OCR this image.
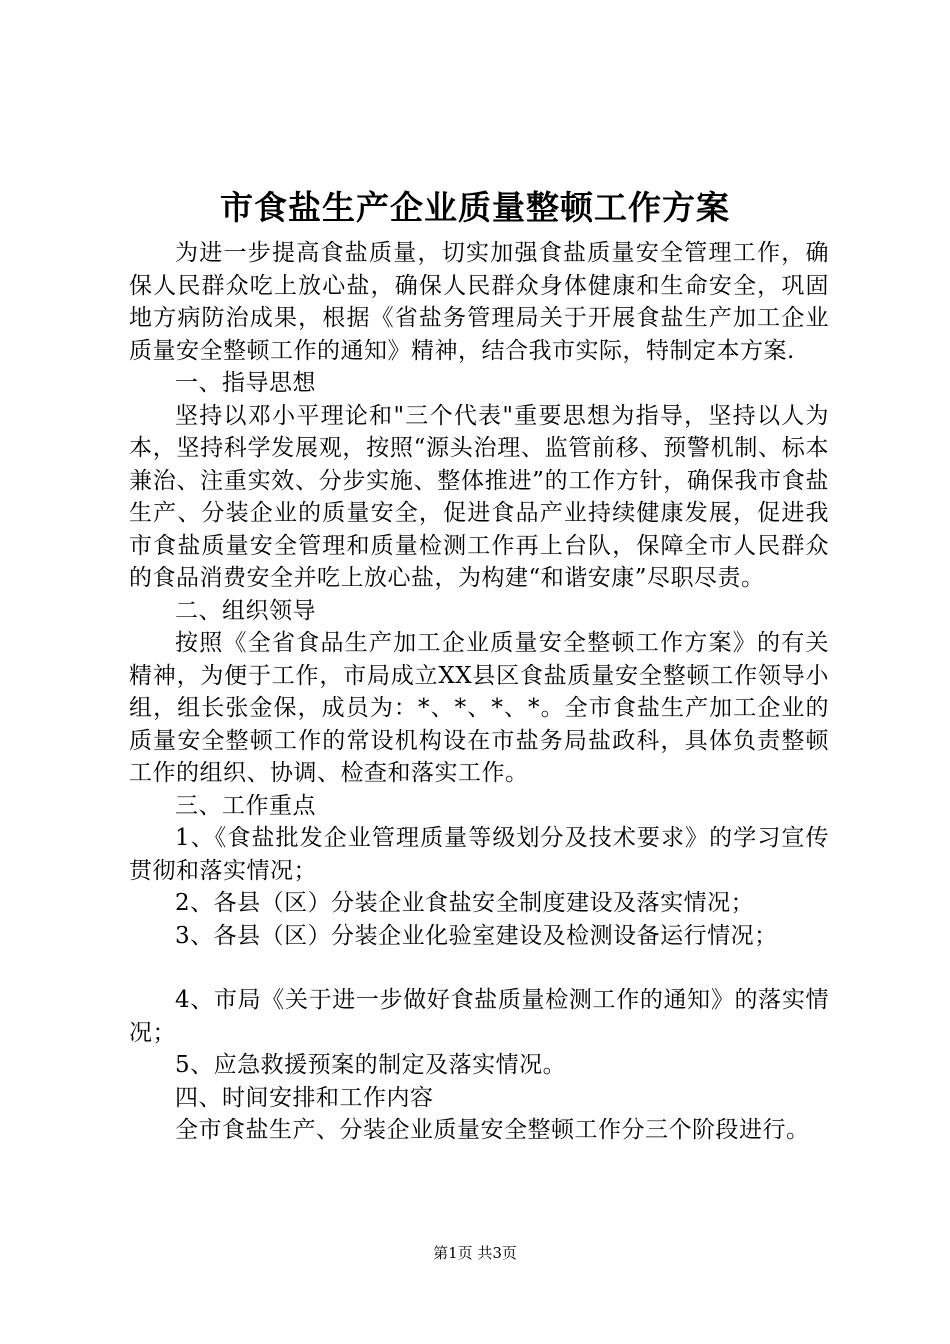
市食盐生产企业质量整顿工作方案

为进一步提高食盐质量，切实加强食盐质量安全管理工作，确保人民群众吃上放心盐，确保人民群众身体健康和生命安全，巩固地方病防治成果，根据《省盐务管理局关于开展食盐生产加工企业质量安全整顿工作的通知》精神，结合我市实际，特制定本方案.

一、指导思想

坚持以邓小平理论和"三个代表"重要思想为指导，坚持以人为本，坚持科学发展观，按照“源头治理、监管前移、预警机制、标本兼治、注重实效、分步实施、整体推进”的工作方针，确保我市食盐生产、分装企业的质量安全，促进食品产业持续健康发展，促进我市食盐质量安全管理和质量检测工作再上台队，保障全市人民群众的食品消费安全并吃上放心盐，为构建“和谐安康”尽职尽责。

二、组织领导

按照《全省食品生产加工企业质量安全整顿工作方案》的有关精神，为便于工作，市局成立XX县区食盐质量安全整顿工作领导小组，组长张金保，成员为：*、*、*、*。全市食盐生产加工企业的质量安全整顿工作的常设机构设在市盐务局盐政科，具体负责整顿工作的组织、协调、检查和落实工作。

三、工作重点

1、《食盐批发企业管理质量等级划分及技术要求》的学习宣传贯彻和落实情况；

2、各县（区）分装企业食盐安全制度建设及落实情况；

3、各县（区）分装企业化验室建设及检测设备运行情况；

4、市局《关于进一步做好食盐质量检测工作的通知》的落实情况；

5、应急救援预案的制定及落实情况。

四、时间安排和工作内容

全市食盐生产、分装企业质量安全整顿工作分三个阶段进行。

第1页 共3页
